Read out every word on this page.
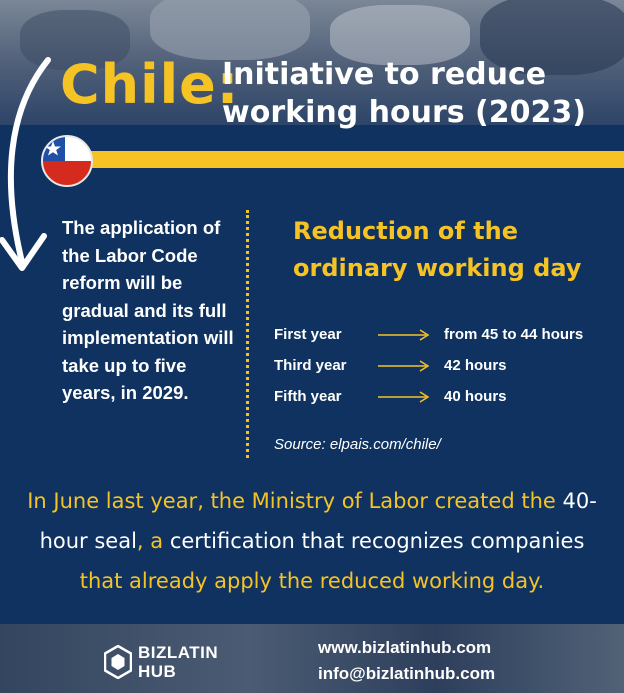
Chile:
Initiative to reduce working hours (2023)

The application of the Labor Code reform will be gradual and its full implementation will take up to five years, in 2029.

Reduction of the ordinary working day
First year	from 45 to 44 hours
Third year	42 hours
Fifth year	40 hours

Source: elpais.com/chile/

In June last year, the Ministry of Labor created the 40-hour seal, a certification that recognizes companies that already apply the reduced working day.

BIZLATIN
HUB

www.bizlatinhub.com

info@bizlatinhub.com
